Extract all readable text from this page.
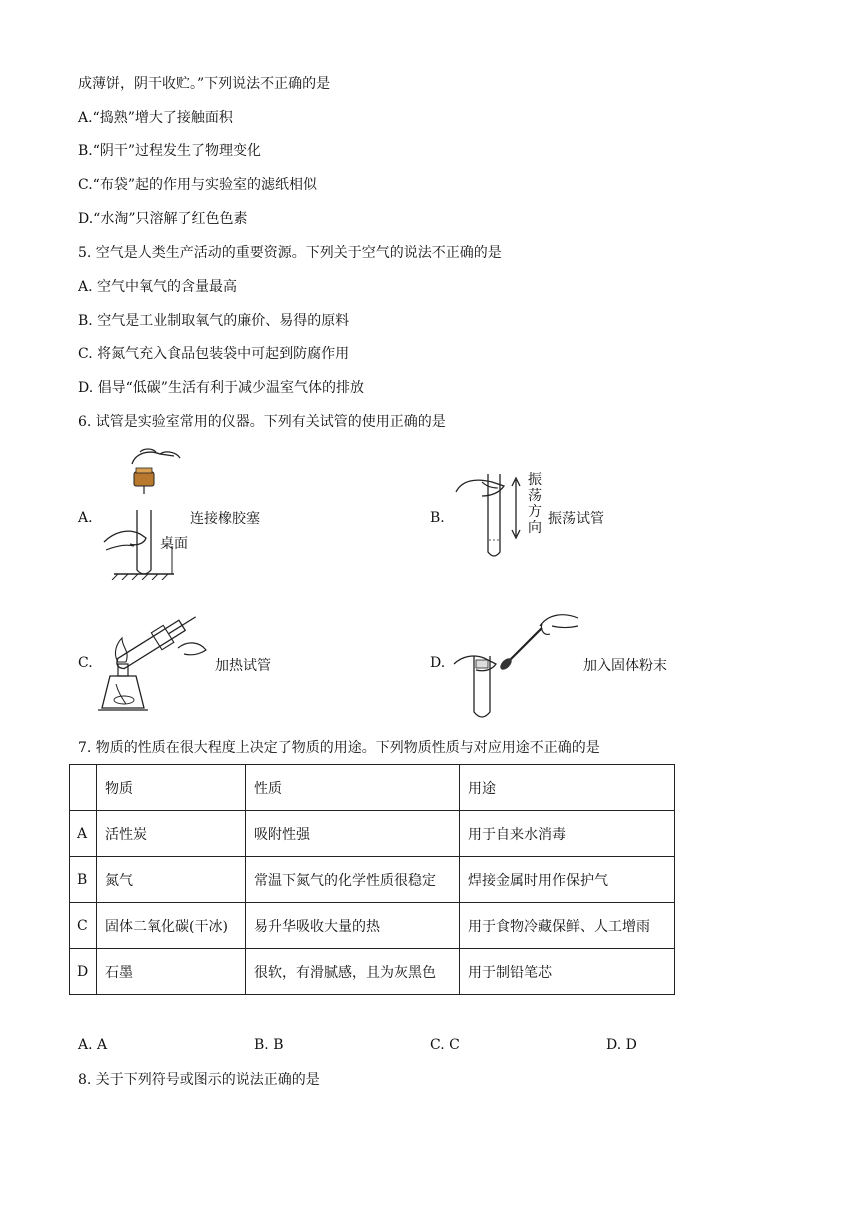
成薄饼，阴干收贮。”下列说法不正确的是
A.“捣熟”增大了接触面积
B.“阴干”过程发生了物理变化
C.“布袋”起的作用与实验室的滤纸相似
D.“水淘”只溶解了红色色素
5. 空气是人类生产活动的重要资源。下列关于空气的说法不正确的是
A. 空气中氧气的含量最高
B. 空气是工业制取氧气的廉价、易得的原料
C. 将氮气充入食品包装袋中可起到防腐作用
D. 倡导“低碳”生活有利于减少温室气体的排放
6. 试管是实验室常用的仪器。下列有关试管的使用正确的是
A.	连接橡胶塞
桌面
B.
振荡方向
振荡试管
C.	加热试管	D.	加入固体粉末
7. 物质的性质在很大程度上决定了物质的用途。下列物质性质与对应用途不正确的是
	物质	性质	用途
A	活性炭	吸附性强	用于自来水消毒
B	氮气	常温下氮气的化学性质很稳定	焊接金属时用作保护气
C	固体二氧化碳(干冰)	易升华吸收大量的热	用于食物冷藏保鲜、人工增雨
D	石墨	很软，有滑腻感，且为灰黑色	用于制铅笔芯
A. A	B. B	C. C	D. D
8. 关于下列符号或图示的说法正确的是
